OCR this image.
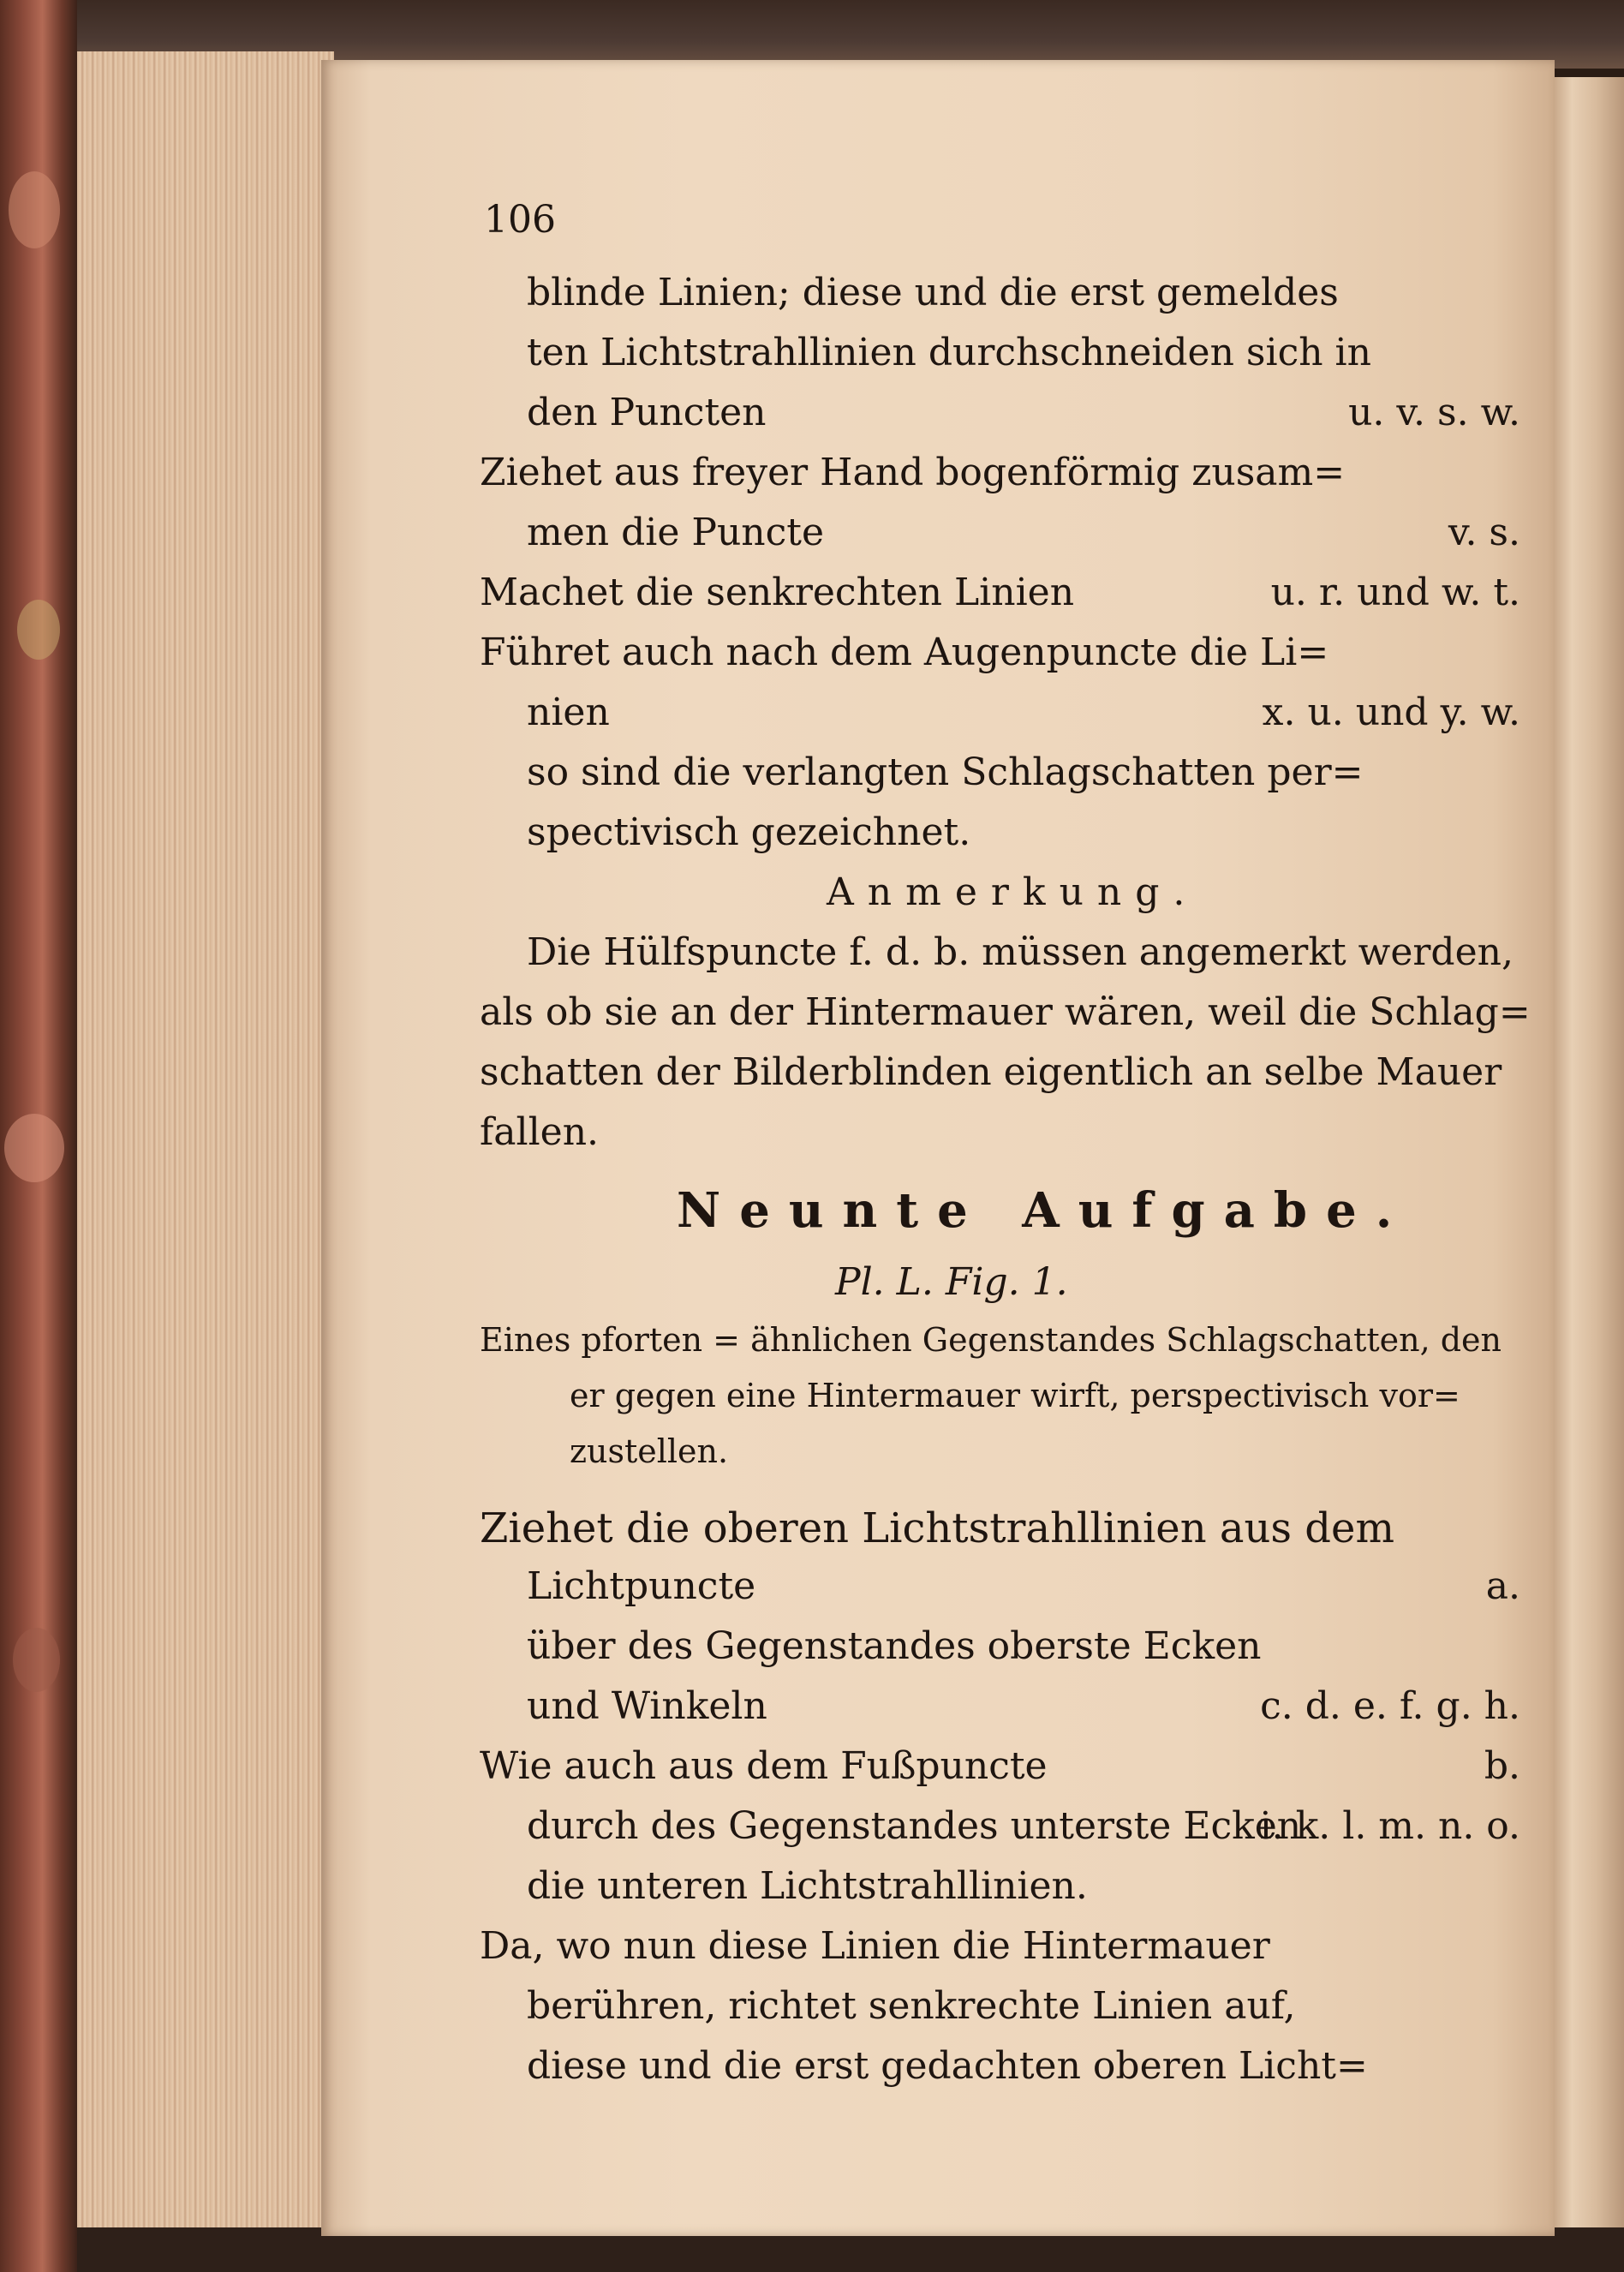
106
blinde Linien; diese und die erst gemeldes
ten Lichtstrahllinien durchschneiden sich in
den Puncten	u. v. s. w.
Ziehet aus freyer Hand bogenförmig zusam=
men die Puncte	v. s.
Machet die senkrechten Linien	u. r. und w. t.
Führet auch nach dem Augenpuncte die Li=
nien	x. u. und y. w.
so sind die verlangten Schlagschatten per=
spectivisch gezeichnet.
Anmerkung.
Die Hülfspuncte f. d. b. müssen angemerkt werden,
als ob sie an der Hintermauer wären, weil die Schlag=
schatten der Bilderblinden eigentlich an selbe Mauer
fallen.
Neunte Aufgabe.
Pl. L. Fig. 1.
Eines pforten = ähnlichen Gegenstandes Schlagschatten, den
er gegen eine Hintermauer wirft, perspectivisch vor=
zustellen.
Ziehet die oberen Lichtstrahllinien aus dem
Lichtpuncte	a.
über des Gegenstandes oberste Ecken
und Winkeln	c. d. e. f. g. h.
Wie auch aus dem Fußpuncte	b.
durch des Gegenstandes unterste Ecken
i. k. l. m. n. o.
die unteren Lichtstrahllinien.
Da, wo nun diese Linien die Hintermauer
berühren, richtet senkrechte Linien auf,
diese und die erst gedachten oberen Licht=
